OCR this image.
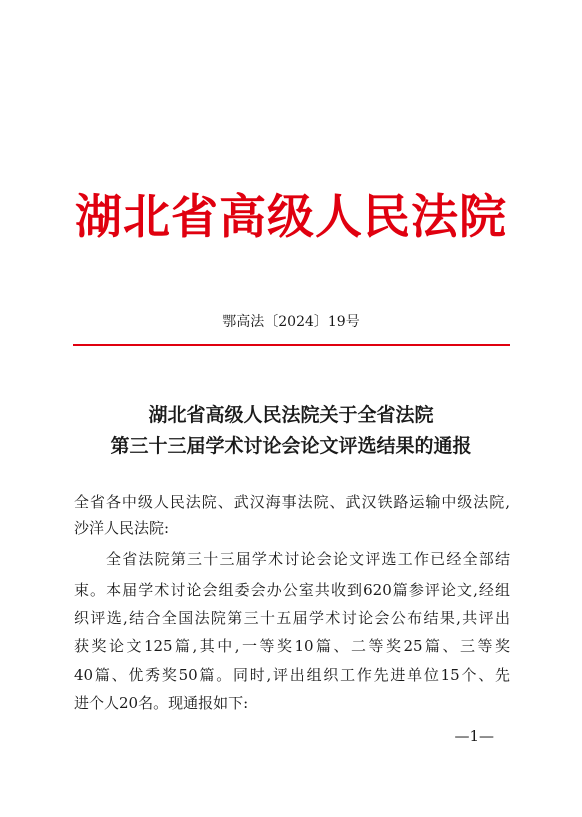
湖北省高级人民法院
鄂高法〔2024〕19号
湖北省高级人民法院关于全省法院
第三十三届学术讨论会论文评选结果的通报
全省各中级人民法院、武汉海事法院、武汉铁路运输中级法院,
沙洋人民法院:
全省法院第三十三届学术讨论会论文评选工作已经全部结
束。本届学术讨论会组委会办公室共收到620篇参评论文,经组
织评选,结合全国法院第三十五届学术讨论会公布结果,共评出
获奖论文125篇,其中,一等奖10篇、二等奖25篇、三等奖
40篇、优秀奖50篇。同时,评出组织工作先进单位15个、先
进个人20名。现通报如下:
—1—
